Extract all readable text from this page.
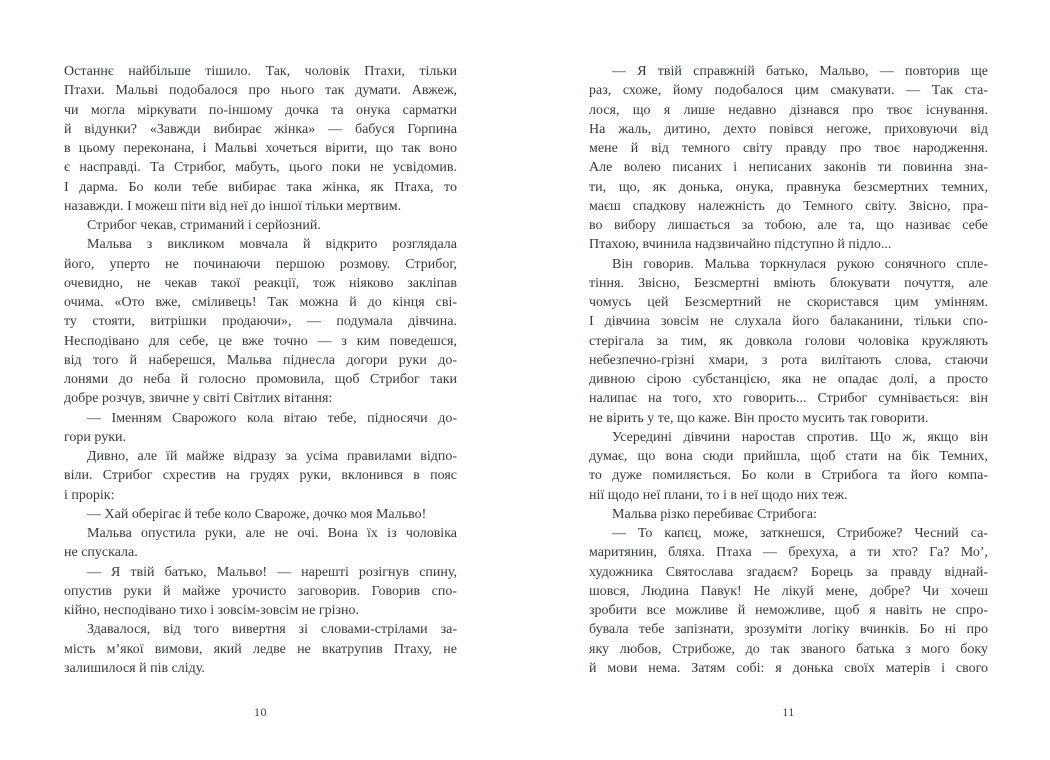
Останнє найбільше тішило. Так, чоловік Птахи, тільки
Птахи. Мальві подобалося про нього так думати. Авжеж,
чи могла міркувати по-іншому дочка та онука сарматки
й відунки? «Завжди вибирає жінка» — бабуся Горпина
в цьому переконана, і Мальві хочеться вірити, що так воно
є насправді. Та Стрибог, мабуть, цього поки не усвідомив.
І дарма. Бо коли тебе вибирає така жінка, як Птаха, то
назавжди. І можеш піти від неї до іншої тільки мертвим.
Стрибог чекав, стриманий і серйозний.
Мальва з викликом мовчала й відкрито розглядала
його, уперто не починаючи першою розмову. Стрибог,
очевидно, не чекав такої реакції, тож ніяково закліпав
очима. «Ото вже, сміливець! Так можна й до кінця сві-
ту стояти, витрішки продаючи», — подумала дівчина.
Несподівано для себе, це вже точно — з ким поведешся,
від того й наберешся, Мальва піднесла догори руки до-
лонями до неба й голосно промовила, щоб Стрибог таки
добре розчув, звичне у світі Світлих вітання:
— Іменням Сварожого кола вітаю тебе, підносячи до-
гори руки.
Дивно, але їй майже відразу за усіма правилами відпо-
віли. Стрибог схрестив на грудях руки, вклонився в пояс
і прорік:
— Хай оберігає й тебе коло Свароже, дочко моя Мальво!
Мальва опустила руки, але не очі. Вона їх із чоловіка
не спускала.
— Я твій батько, Мальво! — нарешті розігнув спину,
опустив руки й майже урочисто заговорив. Говорив спо-
кійно, несподівано тихо і зовсім-зовсім не грізно.
Здавалося, від того вивертня зі словами-стрілами за-
мість м’якої вимови, який ледве не вкатрупив Птаху, не
залишилося й пів сліду.
10
— Я твій справжній батько, Мальво, — повторив ще
раз, схоже, йому подобалося цим смакувати. — Так ста-
лося, що я лише недавно дізнався про твоє існування.
На жаль, дитино, дехто повівся негоже, приховуючи від
мене й від темного світу правду про твоє народження.
Але волею писаних і неписаних законів ти повинна зна-
ти, що, як донька, онука, правнука безсмертних темних,
маєш спадкову належність до Темного світу. Звісно, пра-
во вибору лишається за тобою, але та, що називає себе
Птахою, вчинила надзвичайно підступно й підло...
Він говорив. Мальва торкнулася рукою сонячного спле-
тіння. Звісно, Безсмертні вміють блокувати почуття, але
чомусь цей Безсмертний не скористався цим умінням.
І дівчина зовсім не слухала його балаканини, тільки спо-
стерігала за тим, як довкола голови чоловіка кружляють
небезпечно-грізні хмари, з рота вилітають слова, стаючи
дивною сірою субстанцією, яка не опадає долі, а просто
налипає на того, хто говорить... Стрибог сумнівається: він
не вірить у те, що каже. Він просто мусить так говорити.
Усередині дівчини наростав спротив. Що ж, якщо він
думає, що вона сюди прийшла, щоб стати на бік Темних,
то дуже помиляється. Бо коли в Стрибога та його компа-
нії щодо неї плани, то і в неї щодо них теж.
Мальва різко перебиває Стрибога:
— То капєц, може, заткнешся, Стрибоже? Чесний са-
маритянин, бляха. Птаха — брехуха, а ти хто? Га? Мо’,
художника Святослава згадаєм? Борець за правду віднай-
шовся, Людина Павук! Не лікуй мене, добре? Чи хочеш
зробити все можливе й неможливе, щоб я навіть не спро-
бувала тебе запізнати, зрозуміти логіку вчинків. Бо ні про
яку любов, Стрибоже, до так званого батька з мого боку
й мови нема. Затям собі: я донька своїх матерів і свого
11
